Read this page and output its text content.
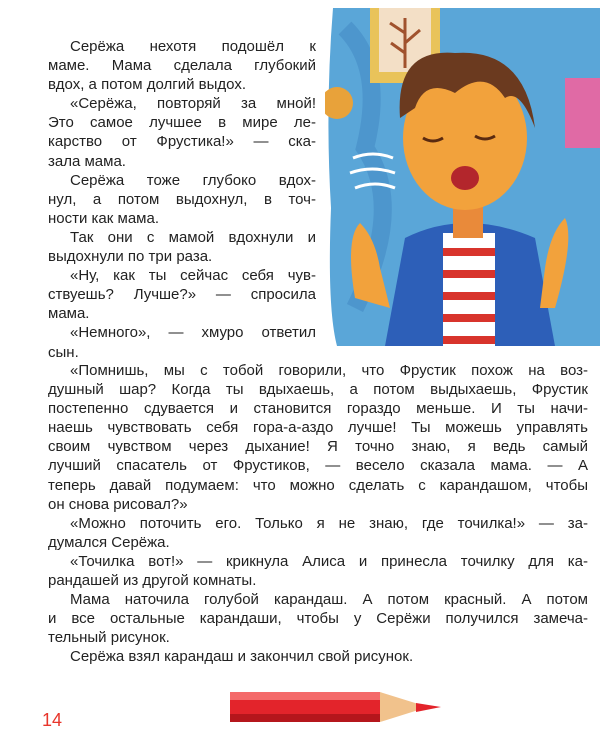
Серёжа нехотя подошёл к
маме. Мама сделала глубокий
вдох, а потом долгий выдох.
«Серёжа, повторяй за мной!
Это самое лучшее в мире ле-
карство от Фрустика!» — ска-
зала мама.
Серёжа тоже глубоко вдох-
нул, а потом выдохнул, в точ-
ности как мама.
Так они с мамой вдохнули и
выдохнули по три раза.
«Ну, как ты сейчас себя чув-
ствуешь? Лучше?» — спросила
мама.
«Немного», — хмуро ответил
сын.
«Помнишь, мы с тобой говорили, что Фрустик похож на воз-
душный шар? Когда ты вдыхаешь, а потом выдыхаешь, Фрустик
постепенно сдувается и становится гораздо меньше. И ты начи-
наешь чувствовать себя гора-а-аздо лучше! Ты можешь управлять
своим чувством через дыхание! Я точно знаю, я ведь самый
лучший спасатель от Фрустиков, — весело сказала мама. — А
теперь давай подумаем: что можно сделать с карандашом, чтобы
он снова рисовал?»
«Можно поточить его. Только я не знаю, где точилка!» — за-
думался Серёжа.
«Точилка вот!» — крикнула Алиса и принесла точилку для ка-
рандашей из другой комнаты.
Мама наточила голубой карандаш. А потом красный. А потом
и все остальные карандаши, чтобы у Серёжи получился замеча-
тельный рисунок.
Серёжа взял карандаш и закончил свой рисунок.
14
